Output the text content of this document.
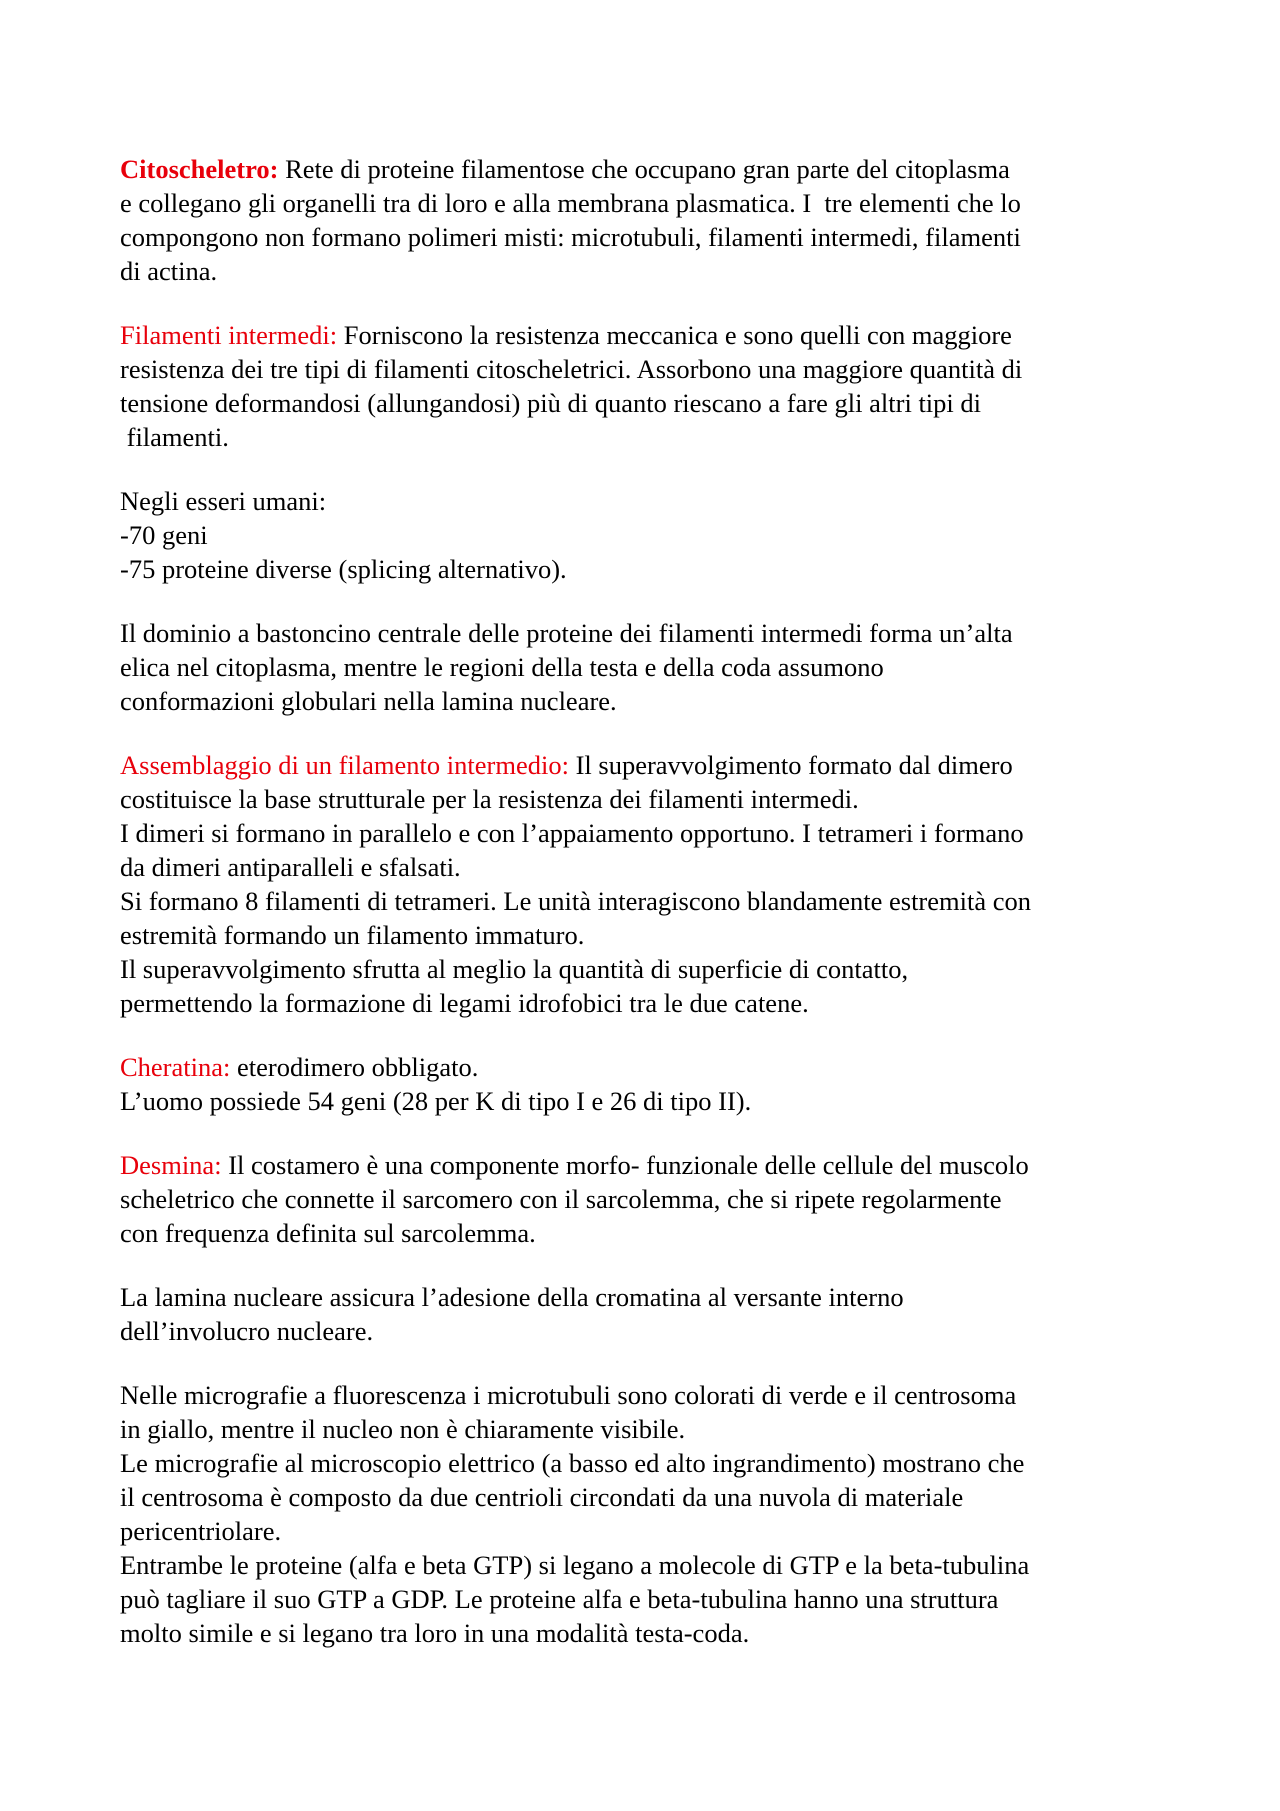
Citoscheletro: Rete di proteine filamentose che occupano gran parte del citoplasma
e collegano gli organelli tra di loro e alla membrana plasmatica. I  tre elementi che lo
compongono non formano polimeri misti: microtubuli, filamenti intermedi, filamenti
di actina.
Filamenti intermedi: Forniscono la resistenza meccanica e sono quelli con maggiore
resistenza dei tre tipi di filamenti citoscheletrici. Assorbono una maggiore quantità di
tensione deformandosi (allungandosi) più di quanto riescano a fare gli altri tipi di
filamenti.
Negli esseri umani:
-70 geni
-75 proteine diverse (splicing alternativo).
Il dominio a bastoncino centrale delle proteine dei filamenti intermedi forma un’alta
elica nel citoplasma, mentre le regioni della testa e della coda assumono
conformazioni globulari nella lamina nucleare.
Assemblaggio di un filamento intermedio: Il superavvolgimento formato dal dimero
costituisce la base strutturale per la resistenza dei filamenti intermedi.
I dimeri si formano in parallelo e con l’appaiamento opportuno. I tetrameri i formano
da dimeri antiparalleli e sfalsati.
Si formano 8 filamenti di tetrameri. Le unità interagiscono blandamente estremità con
estremità formando un filamento immaturo.
Il superavvolgimento sfrutta al meglio la quantità di superficie di contatto,
permettendo la formazione di legami idrofobici tra le due catene.
Cheratina: eterodimero obbligato.
L’uomo possiede 54 geni (28 per K di tipo I e 26 di tipo II).
Desmina: Il costamero è una componente morfo- funzionale delle cellule del muscolo
scheletrico che connette il sarcomero con il sarcolemma, che si ripete regolarmente
con frequenza definita sul sarcolemma.
La lamina nucleare assicura l’adesione della cromatina al versante interno
dell’involucro nucleare.
Nelle micrografie a fluorescenza i microtubuli sono colorati di verde e il centrosoma
in giallo, mentre il nucleo non è chiaramente visibile.
Le micrografie al microscopio elettrico (a basso ed alto ingrandimento) mostrano che
il centrosoma è composto da due centrioli circondati da una nuvola di materiale
pericentriolare.
Entrambe le proteine (alfa e beta GTP) si legano a molecole di GTP e la beta-tubulina
può tagliare il suo GTP a GDP. Le proteine alfa e beta-tubulina hanno una struttura
molto simile e si legano tra loro in una modalità testa-coda.
